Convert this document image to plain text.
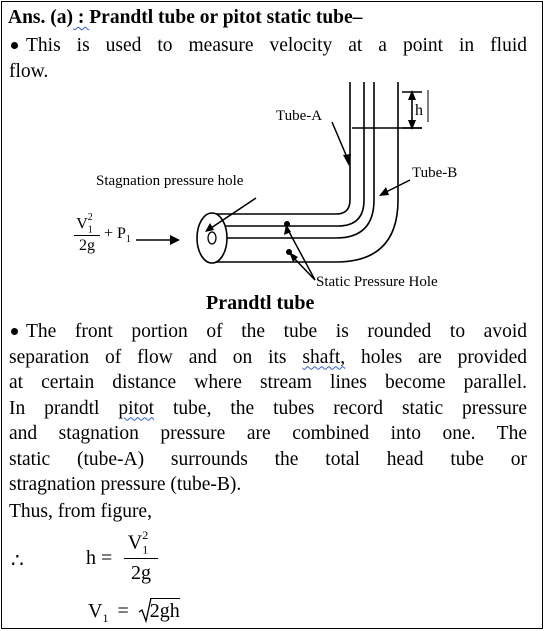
Ans. (a) : Prandtl tube or pitot static tube–
This is used to measure velocity at a point in fluid
flow.
h
Tube-A
Tube-B
Stagnation pressure hole
Static Pressure Hole
$V_1^2$
2g
+ $P_1$
Prandtl tube
The front portion of the tube is rounded to avoid
separation of flow and on its shaft, holes are provided
at certain distance where stream lines become parallel.
In prandtl pitot tube, the tubes record static pressure
and stagnation pressure are combined into one. The
static (tube-A) surrounds the total head tube or
stragnation pressure (tube-B).
Thus, from figure,
∴	h =
$V_1^2$
2g
$V_1 = 2gh$
